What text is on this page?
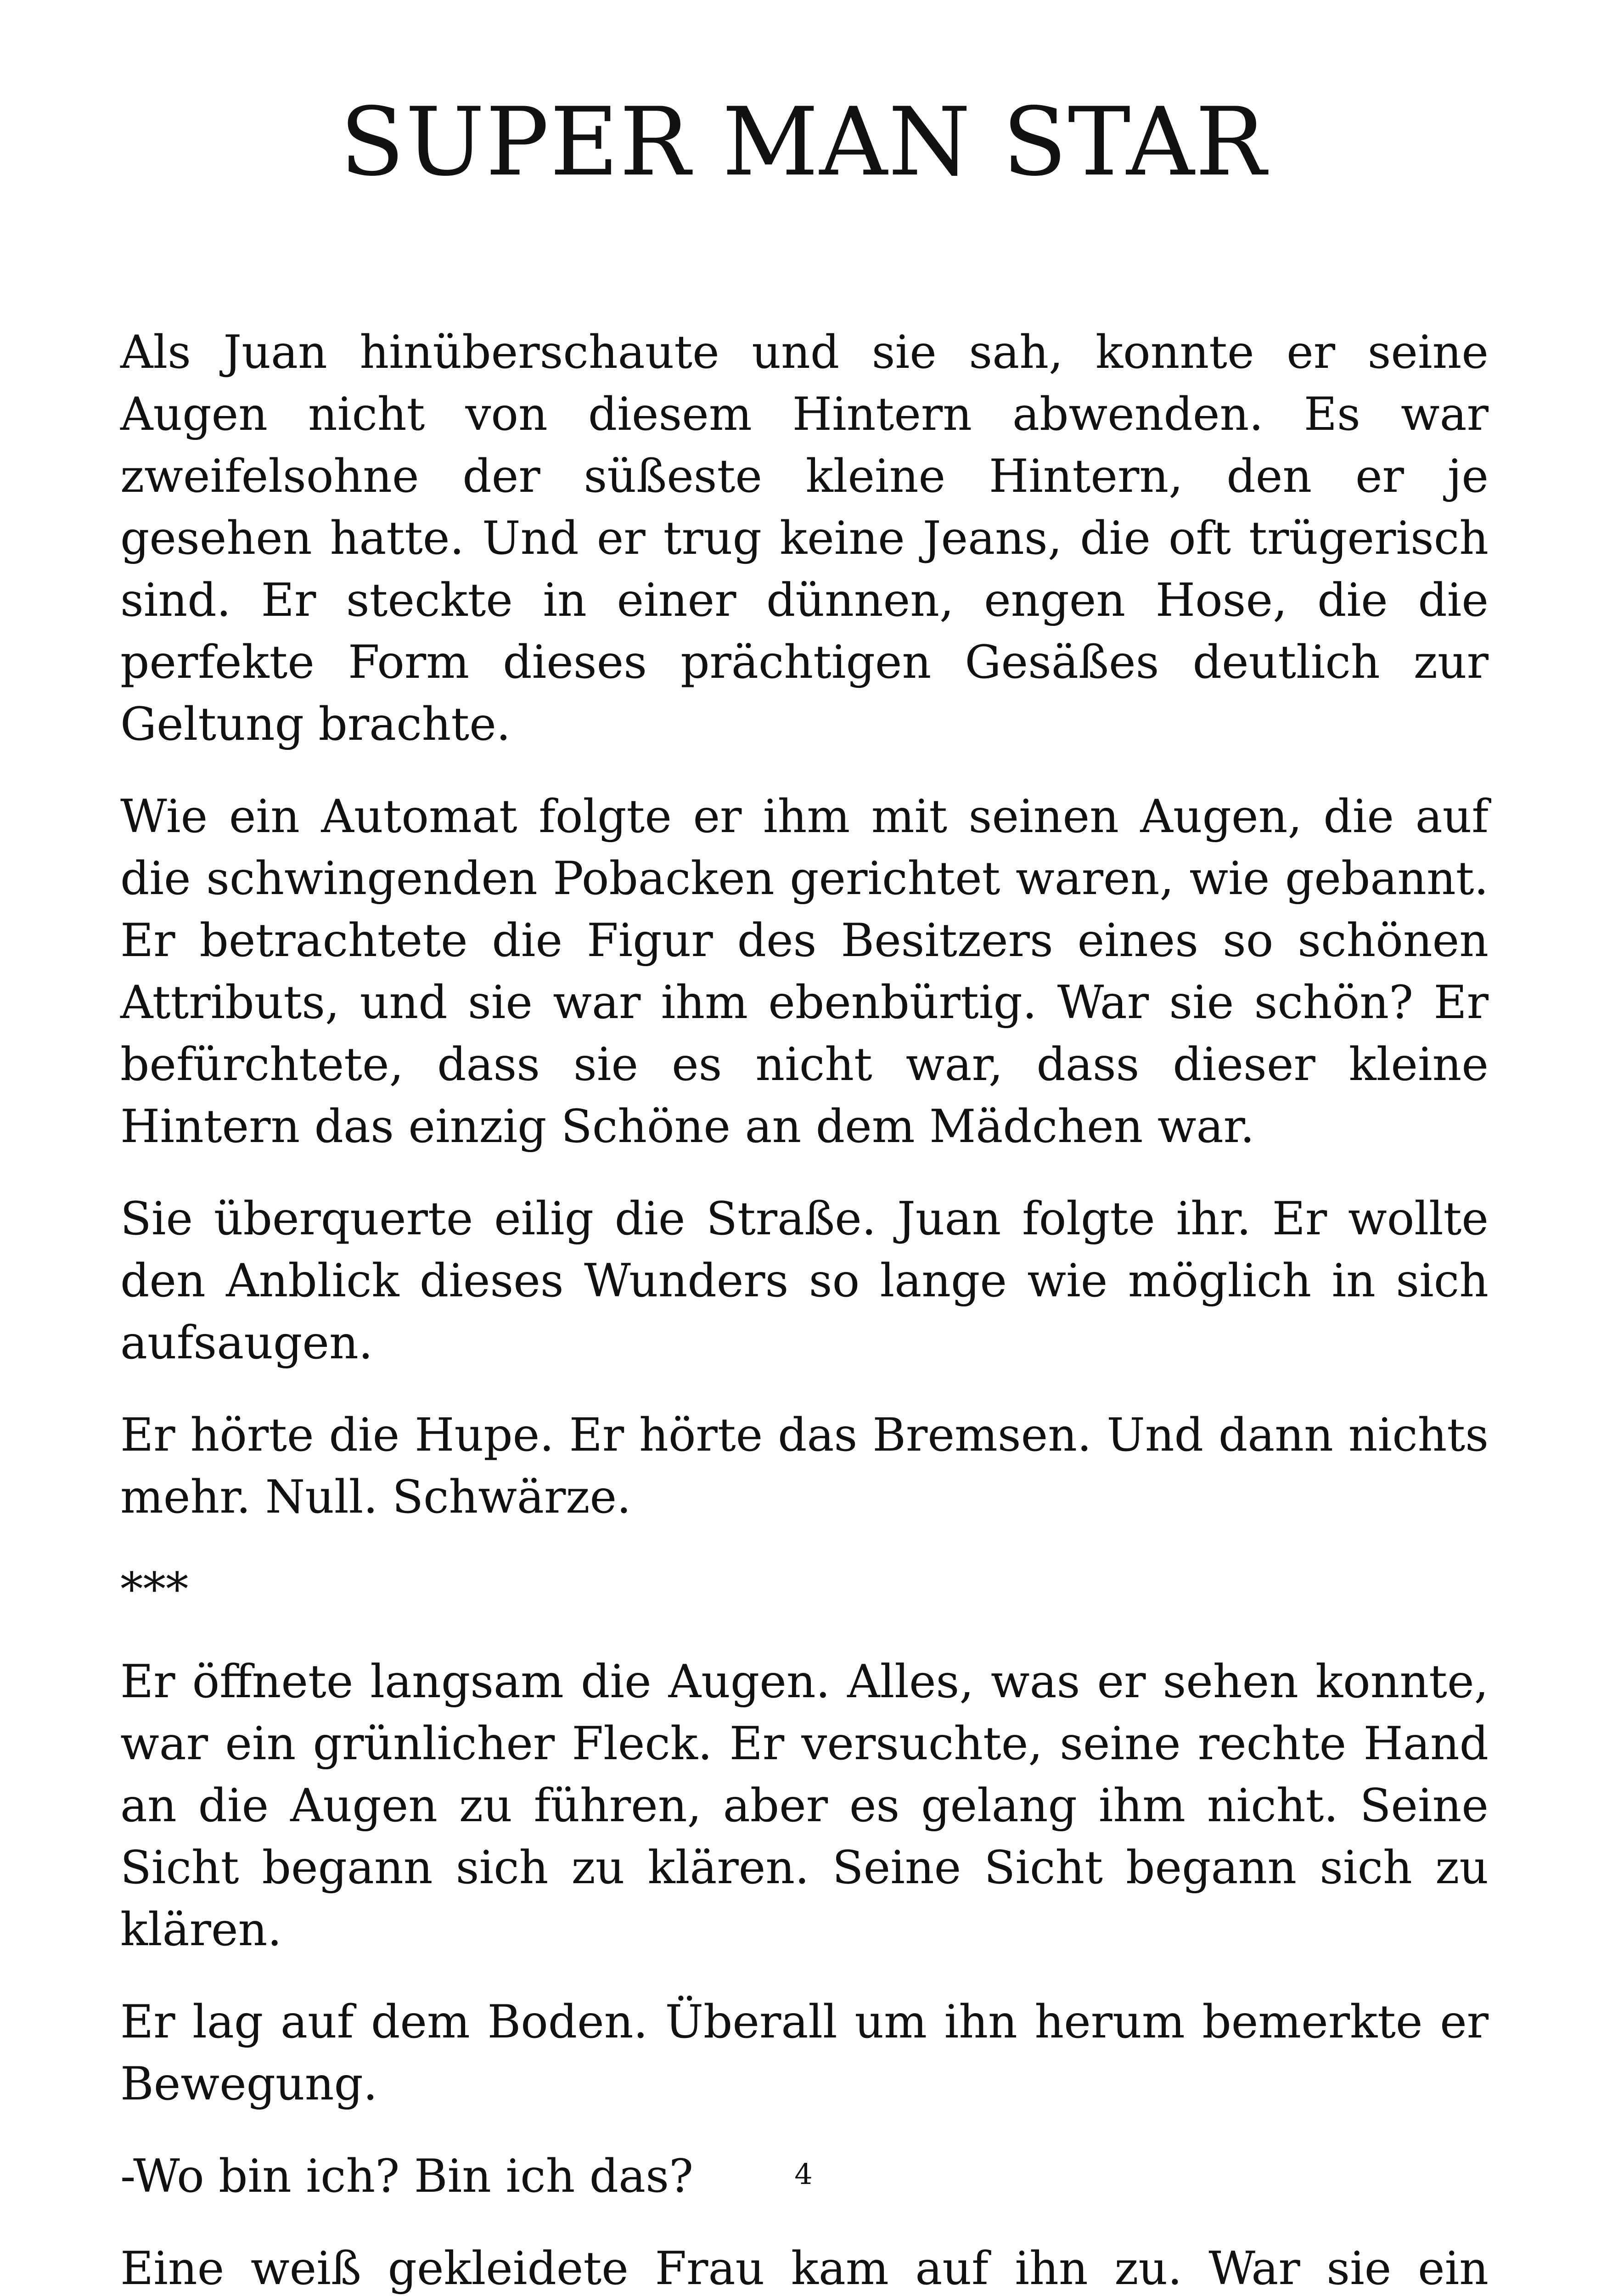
SUPER MAN STAR

Als Juan hinüberschaute und sie sah, konnte er seine Augen nicht von diesem Hintern abwenden. Es war zweifelsohne der süßeste kleine Hintern, den er je gesehen hatte. Und er trug keine Jeans, die oft trügerisch sind. Er steckte in einer dünnen, engen Hose, die die perfekte Form dieses prächtigen Gesäßes deutlich zur Geltung brachte.

Wie ein Automat folgte er ihm mit seinen Augen, die auf die schwingenden Pobacken gerichtet waren, wie gebannt. Er betrachtete die Figur des Besitzers eines so schönen Attributs, und sie war ihm ebenbürtig. War sie schön? Er befürchtete, dass sie es nicht war, dass dieser kleine Hintern das einzig Schöne an dem Mädchen war.

Sie überquerte eilig die Straße. Juan folgte ihr. Er wollte den Anblick dieses Wunders so lange wie möglich in sich aufsaugen.

Er hörte die Hupe. Er hörte das Bremsen. Und dann nichts mehr. Null. Schwärze.

***

Er öffnete langsam die Augen. Alles, was er sehen konnte, war ein grünlicher Fleck. Er versuchte, seine rechte Hand an die Augen zu führen, aber es gelang ihm nicht. Seine Sicht begann sich zu klären. Seine Sicht begann sich zu klären.

Er lag auf dem Boden. Überall um ihn herum bemerkte er Bewegung.

-Wo bin ich? Bin ich das?

Eine weiß gekleidete Frau kam auf ihn zu. War sie ein

4
